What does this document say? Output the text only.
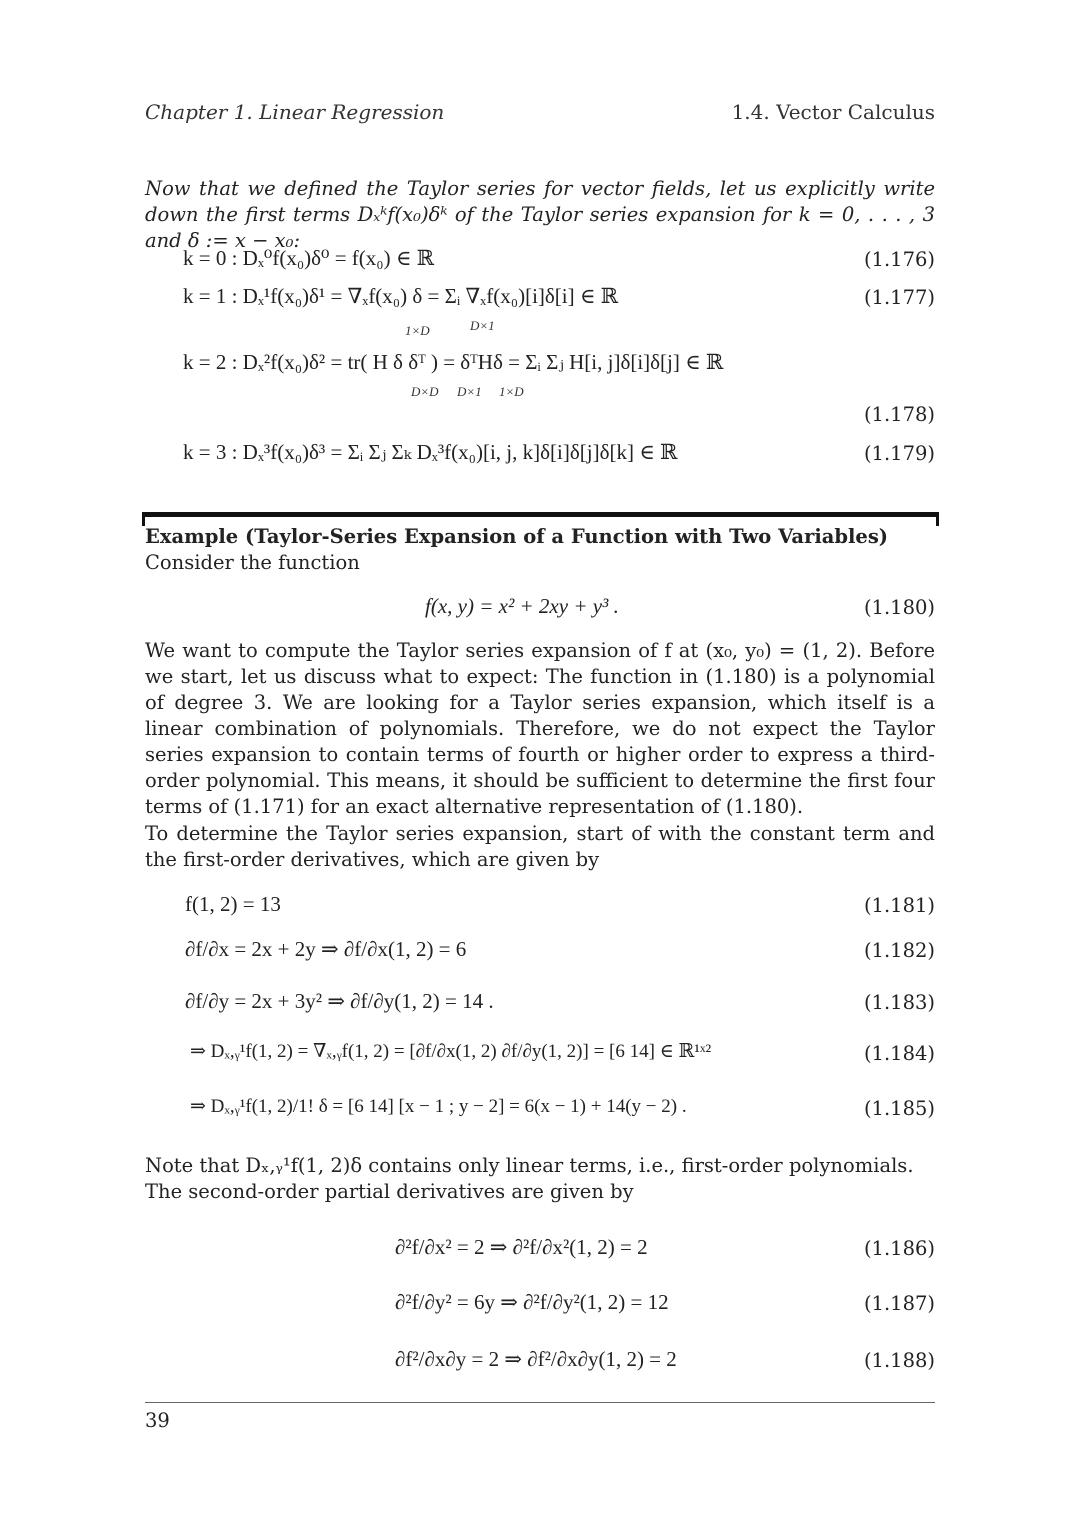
Chapter 1. Linear Regression	1.4. Vector Calculus
Now that we defined the Taylor series for vector fields, let us explicitly write down the first terms Dₓᵏf(x₀)δᵏ of the Taylor series expansion for k = 0, . . . , 3 and δ := x − x₀:
k = 0 : Dₓ⁰f(x₀)δ⁰ = f(x₀) ∈ ℝ	(1.176)
k = 1 : Dₓ¹f(x₀)δ¹ = ∇ₓf(x₀) δ = Σᵢ ∇ₓf(x₀)[i]δ[i] ∈ ℝ
1×D	D×1
(1.177)
k = 2 : Dₓ²f(x₀)δ² = tr( H δ δᵀ ) = δᵀHδ = Σᵢ Σⱼ H[i, j]δ[i]δ[j] ∈ ℝ
D×D D×1 1×D
(1.178)
k = 3 : Dₓ³f(x₀)δ³ = Σᵢ Σⱼ Σₖ Dₓ³f(x₀)[i, j, k]δ[i]δ[j]δ[k] ∈ ℝ	(1.179)
Example (Taylor-Series Expansion of a Function with Two Variables)
Consider the function
f(x, y) = x² + 2xy + y³ .	(1.180)
We want to compute the Taylor series expansion of f at (x₀, y₀) = (1, 2). Before we start, let us discuss what to expect: The function in (1.180) is a polynomial of degree 3. We are looking for a Taylor series expansion, which itself is a linear combination of polynomials. Therefore, we do not expect the Taylor series expansion to contain terms of fourth or higher order to express a third-order polynomial. This means, it should be sufficient to determine the first four terms of (1.171) for an exact alternative representation of (1.180).
To determine the Taylor series expansion, start of with the constant term and the first-order derivatives, which are given by
f(1, 2) = 13	(1.181)
∂f/∂x = 2x + 2y ⇒ ∂f/∂x(1, 2) = 6	(1.182)
∂f/∂y = 2x + 3y² ⇒ ∂f/∂y(1, 2) = 14 .	(1.183)
⇒ Dₓ,ᵧ¹f(1, 2) = ∇ₓ,ᵧf(1, 2) = [∂f/∂x(1, 2) ∂f/∂y(1, 2)] = [6 14] ∈ ℝ¹ˣ²	(1.184)
⇒ Dₓ,ᵧ¹f(1, 2)/1! δ = [6 14] [x − 1 ; y − 2] = 6(x − 1) + 14(y − 2) .	(1.185)
Note that Dₓ,ᵧ¹f(1, 2)δ contains only linear terms, i.e., first-order polynomials.
The second-order partial derivatives are given by
∂²f/∂x² = 2 ⇒ ∂²f/∂x²(1, 2) = 2	(1.186)
∂²f/∂y² = 6y ⇒ ∂²f/∂y²(1, 2) = 12	(1.187)
∂f²/∂x∂y = 2 ⇒ ∂f²/∂x∂y(1, 2) = 2	(1.188)
39
